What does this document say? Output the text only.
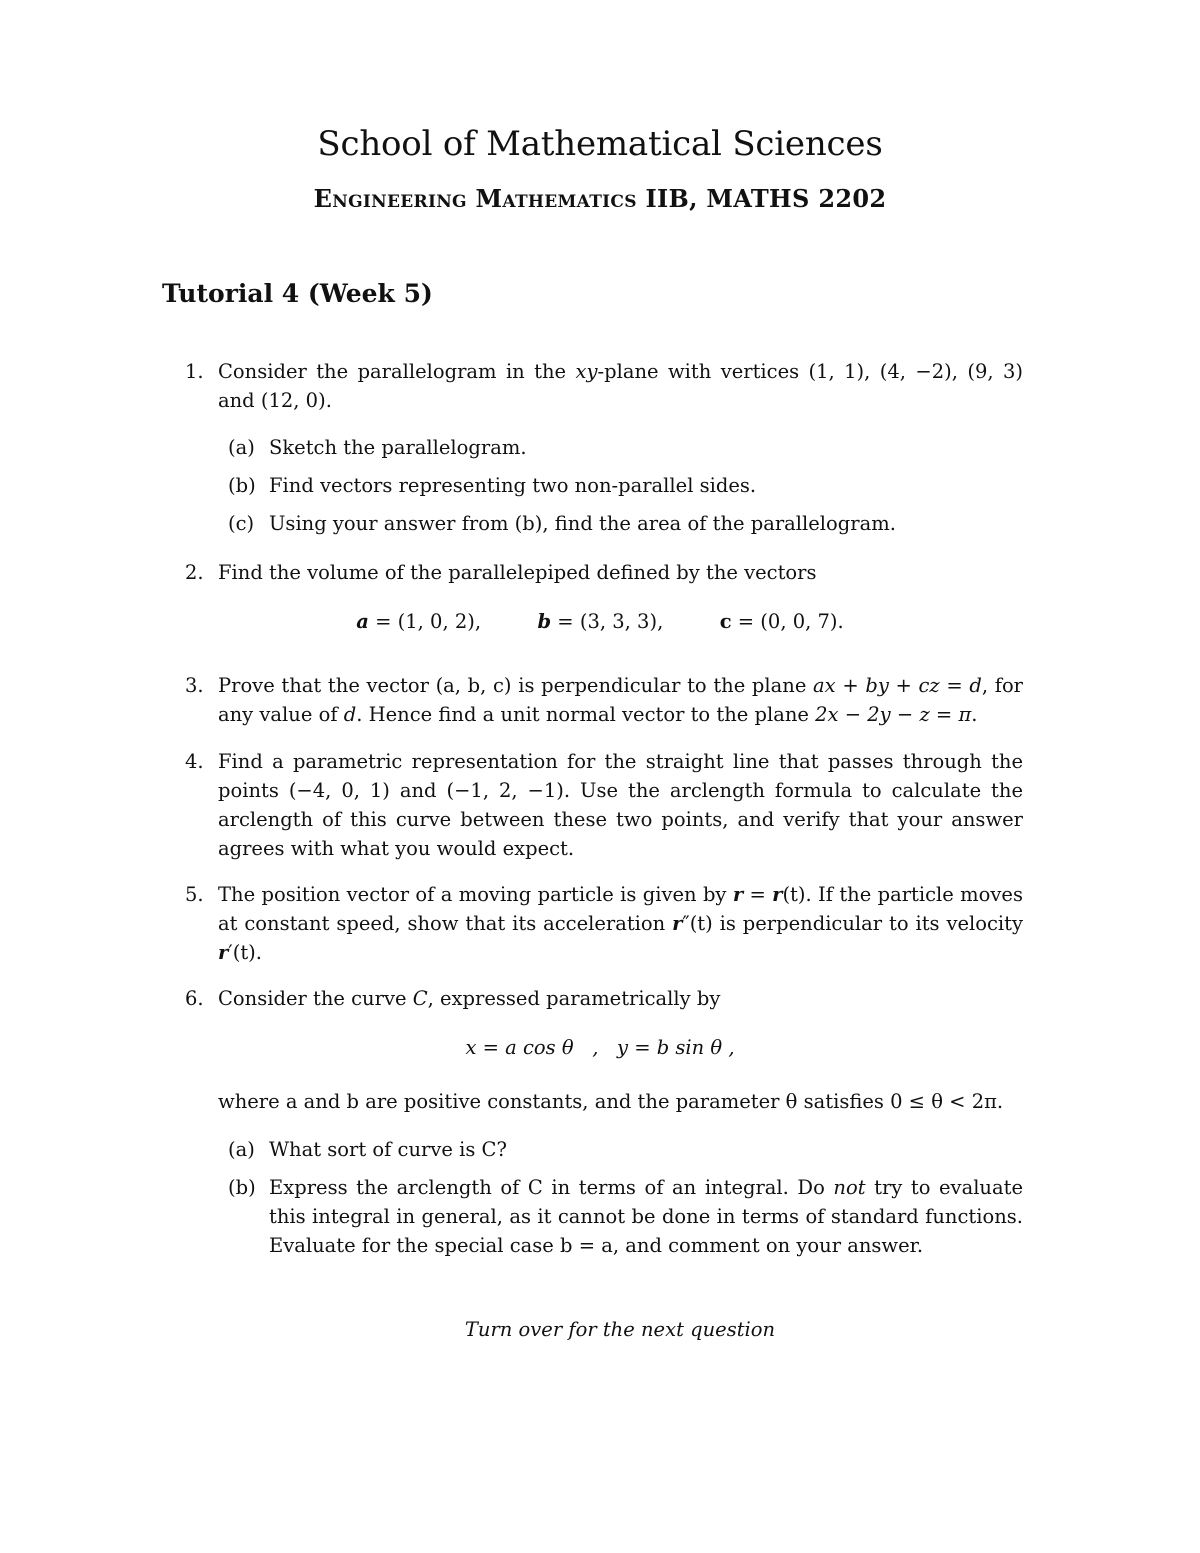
School of Mathematical Sciences
Engineering Mathematics IIB, MATHS 2202
Tutorial 4 (Week 5)
1. Consider the parallelogram in the xy-plane with vertices (1, 1), (4, −2), (9, 3) and (12, 0).
(a) Sketch the parallelogram.
(b) Find vectors representing two non-parallel sides.
(c) Using your answer from (b), find the area of the parallelogram.
2. Find the volume of the parallelepiped defined by the vectors
a = (1, 0, 2),	b = (3, 3, 3),	c = (0, 0, 7).
3. Prove that the vector (a, b, c) is perpendicular to the plane ax + by + cz = d, for any value of d. Hence find a unit normal vector to the plane 2x − 2y − z = π.
4. Find a parametric representation for the straight line that passes through the points (−4, 0, 1) and (−1, 2, −1). Use the arclength formula to calculate the arclength of this curve between these two points, and verify that your answer agrees with what you would expect.
5. The position vector of a moving particle is given by r = r(t). If the particle moves at constant speed, show that its acceleration r″(t) is perpendicular to its velocity r′(t).
6. Consider the curve C, expressed parametrically by
x = a cos θ   ,   y = b sin θ ,
where a and b are positive constants, and the parameter θ satisfies 0 ≤ θ < 2π.
(a) What sort of curve is C?
(b) Express the arclength of C in terms of an integral. Do not try to evaluate this integral in general, as it cannot be done in terms of standard functions. Evaluate for the special case b = a, and comment on your answer.
Turn over for the next question
